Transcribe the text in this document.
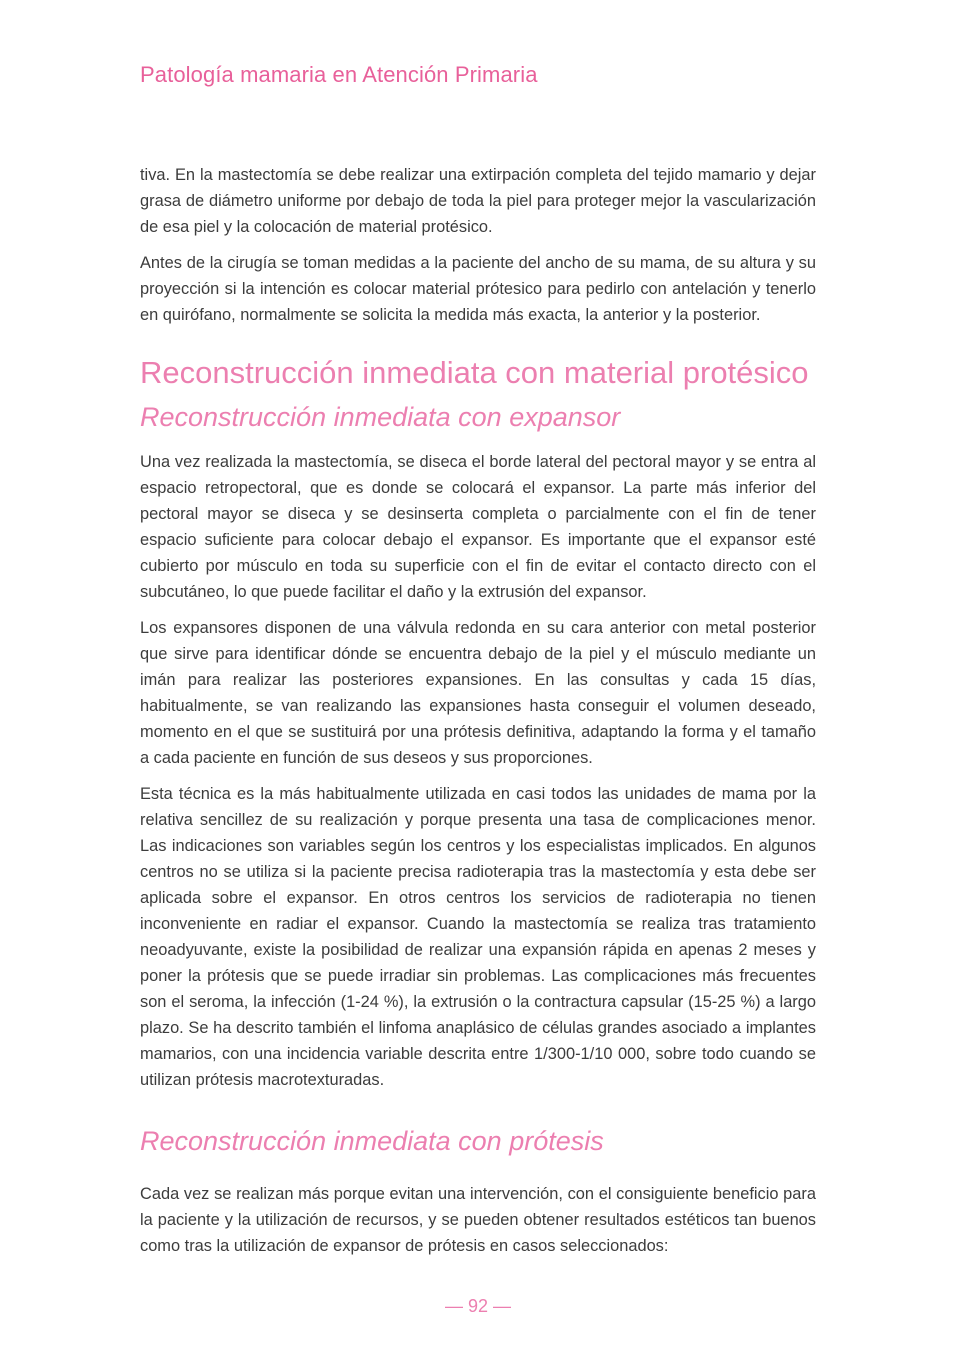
Patología mamaria en Atención Primaria

tiva. En la mastectomía se debe realizar una extirpación completa del tejido mamario y dejar grasa de diámetro uniforme por debajo de toda la piel para proteger mejor la vascularización de esa piel y la colocación de material protésico.

Antes de la cirugía se toman medidas a la paciente del ancho de su mama, de su altura y su proyección si la intención es colocar material prótesico para pedirlo con antelación y tenerlo en quirófano, normalmente se solicita la medida más exacta, la anterior y la posterior.

Reconstrucción inmediata con material protésico
Reconstrucción inmediata con expansor

Una vez realizada la mastectomía, se diseca el borde lateral del pectoral mayor y se entra al espacio retropectoral, que es donde se colocará el expansor. La parte más inferior del pectoral mayor se diseca y se desinserta completa o parcialmente con el fin de tener espacio suficiente para colocar debajo el expansor. Es importante que el expansor esté cubierto por músculo en toda su superficie con el fin de evitar el contacto directo con el subcutáneo, lo que puede facilitar el daño y la extrusión del expansor.

Los expansores disponen de una válvula redonda en su cara anterior con metal posterior que sirve para identificar dónde se encuentra debajo de la piel y el músculo mediante un imán para realizar las posteriores expansiones. En las consultas y cada 15 días, habitualmente, se van realizando las expansiones hasta conseguir el volumen deseado, momento en el que se sustituirá por una prótesis definitiva, adaptando la forma y el tamaño a cada paciente en función de sus deseos y sus proporciones.

Esta técnica es la más habitualmente utilizada en casi todos las unidades de mama por la relativa sencillez de su realización y porque presenta una tasa de complicaciones menor. Las indicaciones son variables según los centros y los especialistas implicados. En algunos centros no se utiliza si la paciente precisa radioterapia tras la mastectomía y esta debe ser aplicada sobre el expansor. En otros centros los servicios de radioterapia no tienen inconveniente en radiar el expansor. Cuando la mastectomía se realiza tras tratamiento neoadyuvante, existe la posibilidad de realizar una expansión rápida en apenas 2 meses y poner la prótesis que se puede irradiar sin problemas. Las complicaciones más frecuentes son el seroma, la infección (1-24 %), la extrusión o la contractura capsular (15-25 %) a largo plazo. Se ha descrito también el linfoma anaplásico de células grandes asociado a implantes mamarios, con una incidencia variable descrita entre 1/300-1/10 000, sobre todo cuando se utilizan prótesis macrotexturadas.

Reconstrucción inmediata con prótesis

Cada vez se realizan más porque evitan una intervención, con el consiguiente beneficio para la paciente y la utilización de recursos, y se pueden obtener resultados estéticos tan buenos como tras la utilización de expansor de prótesis en casos seleccionados:

— 92 —
